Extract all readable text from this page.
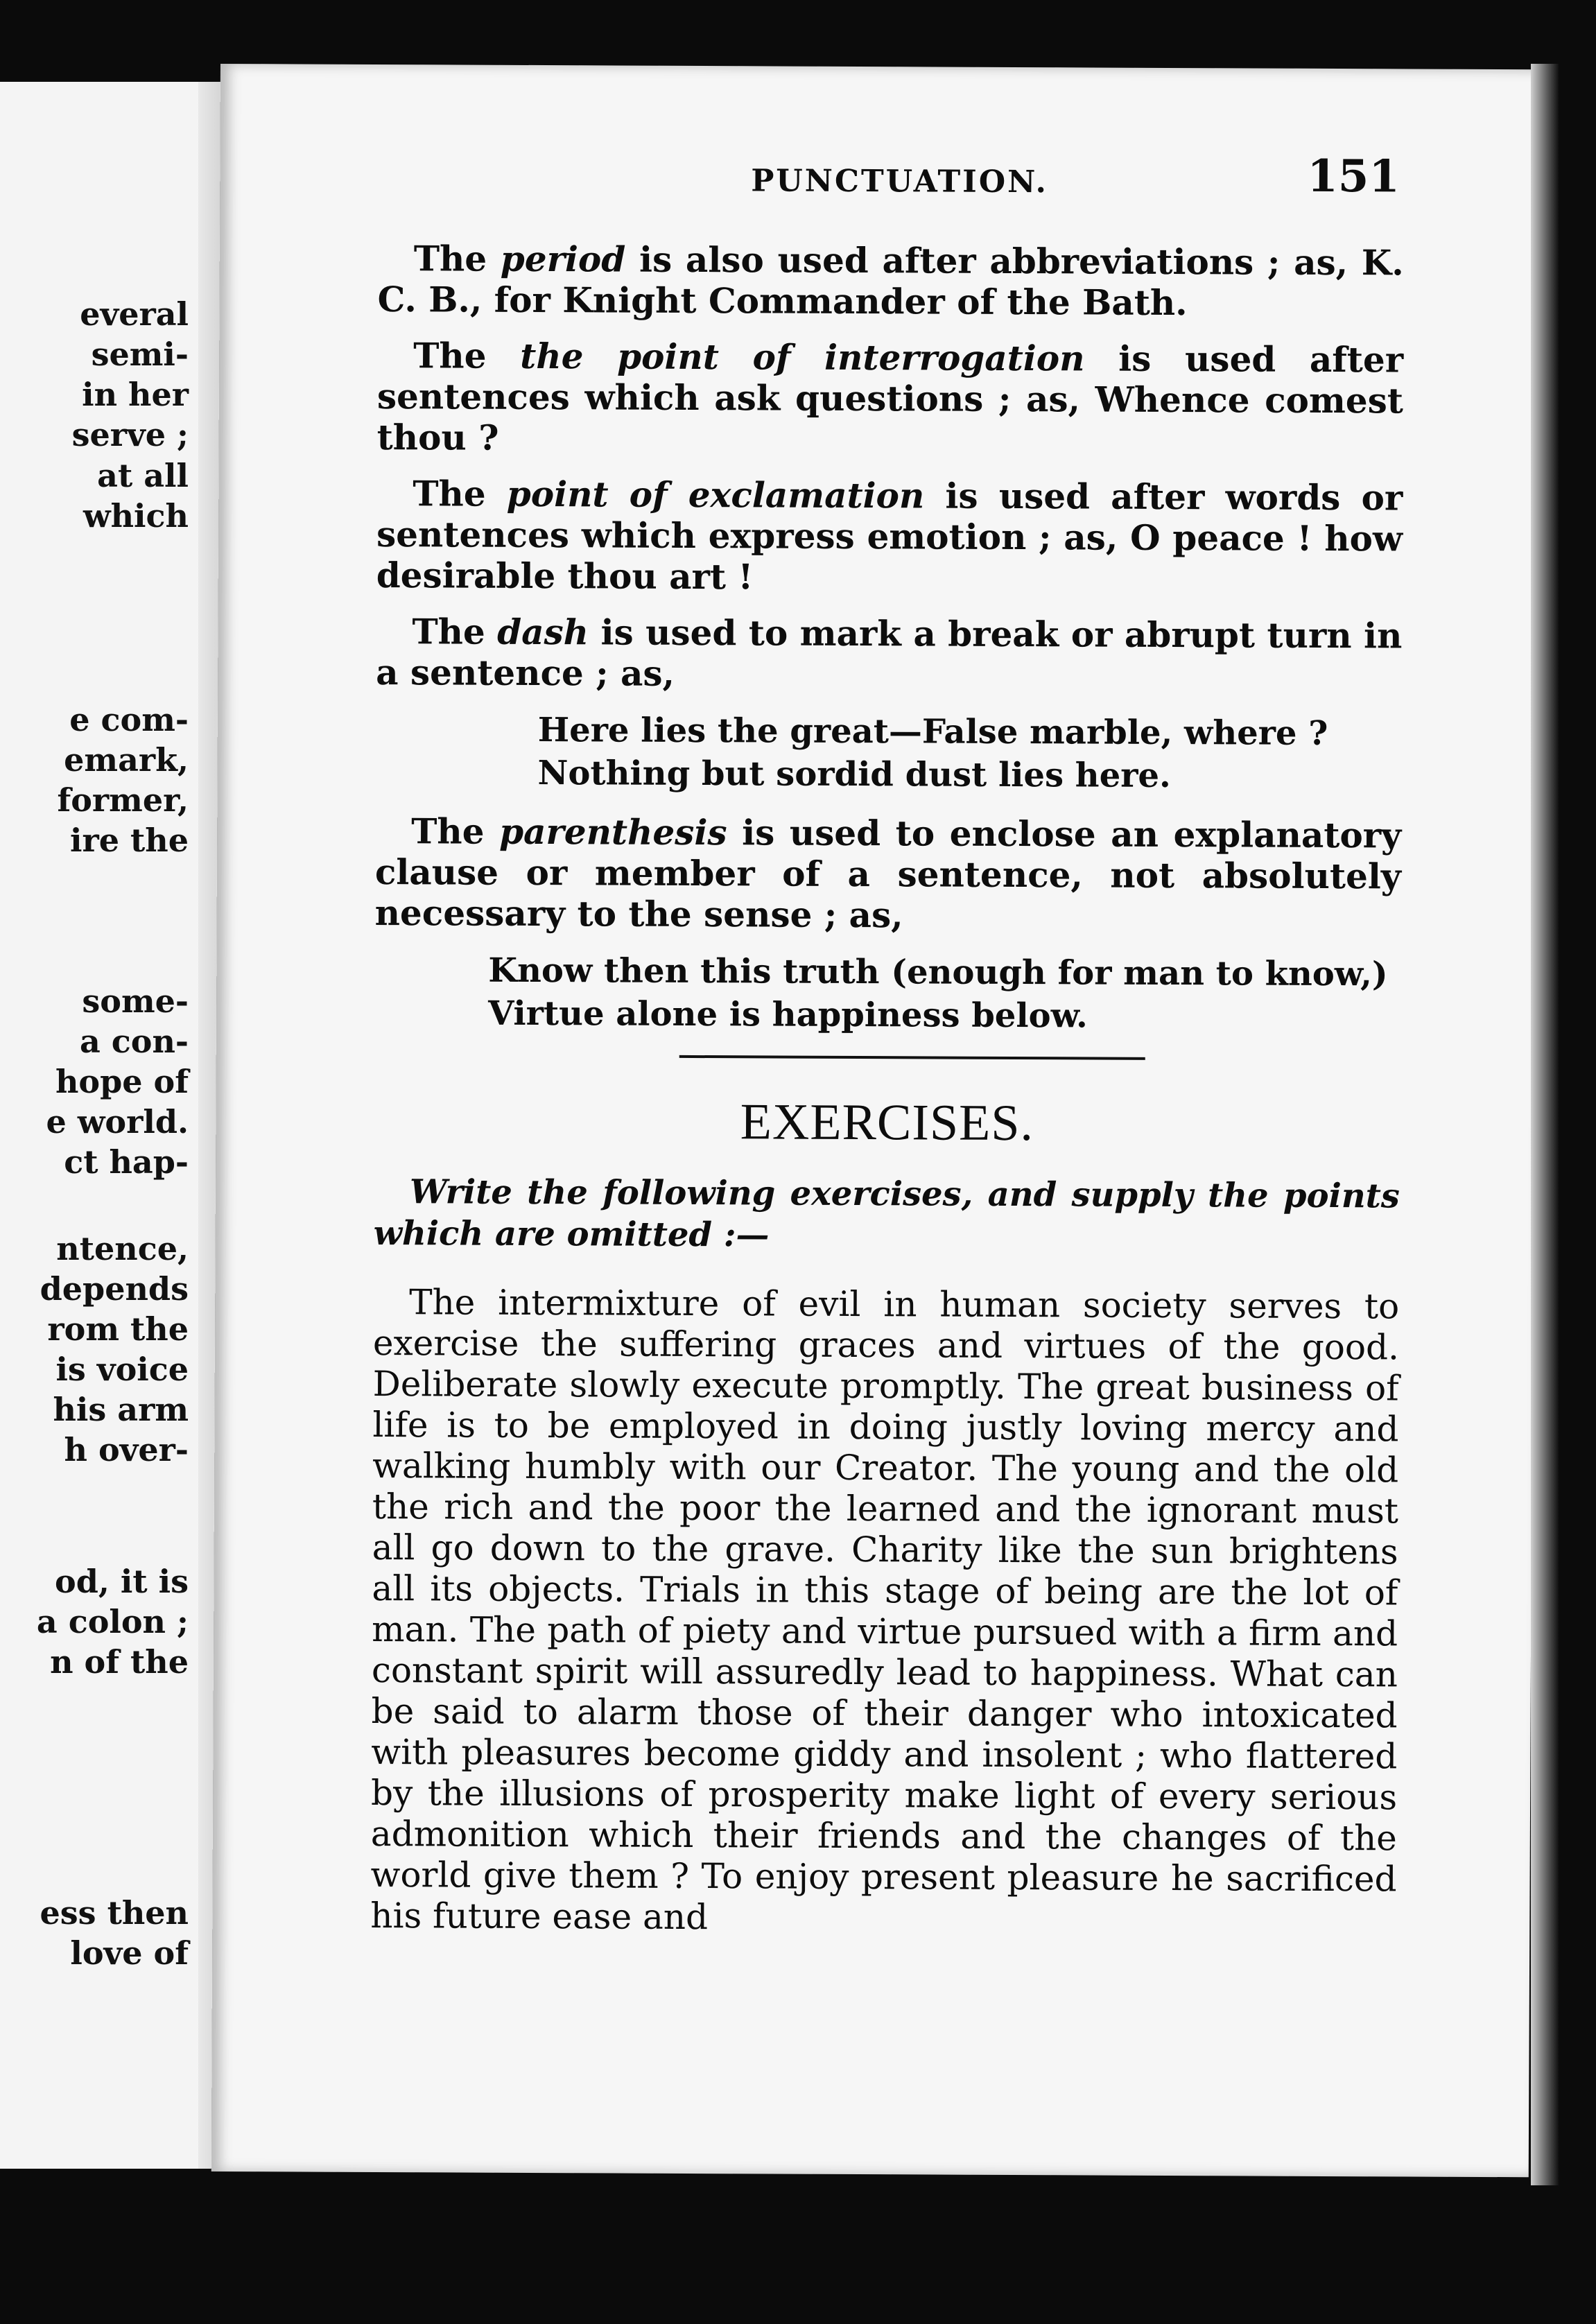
everal
semi-
in her
serve ;
at all
which
e com-
emark,
former,
ire the
some-
a con-
hope of
e world.
ct hap-
ntence,
depends
rom the
is voice
his arm
h over-
od, it is
a colon ;
n of the
ess then
love of
PUNCTUATION.	151

The period is also used after abbreviations ; as, K. C. B., for Knight Commander of the Bath.

The the point of interrogation is used after sentences which ask questions ; as, Whence comest thou ?

The point of exclamation is used after words or sentences which express emotion ; as, O peace ! how desirable thou art !

The dash is used to mark a break or abrupt turn in a sentence ; as,

Here lies the great—False marble, where ?
Nothing but sordid dust lies here.

The parenthesis is used to enclose an explanatory clause or member of a sentence, not absolutely necessary to the sense ; as,

Know then this truth (enough for man to know,)
Virtue alone is happiness below.
EXERCISES.

Write the following exercises, and supply the points which are omitted :—

The intermixture of evil in human society serves to exercise the suffering graces and virtues of the good. Deliberate slowly execute promptly. The great business of life is to be employed in doing justly loving mercy and walking humbly with our Creator. The young and the old the rich and the poor the learned and the ignorant must all go down to the grave. Charity like the sun brightens all its objects. Trials in this stage of being are the lot of man. The path of piety and virtue pursued with a firm and constant spirit will assuredly lead to happiness. What can be said to alarm those of their danger who intoxicated with pleasures become giddy and insolent ; who flattered by the illusions of prosperity make light of every serious admonition which their friends and the changes of the world give them ? To enjoy present pleasure he sacrificed his future ease and
